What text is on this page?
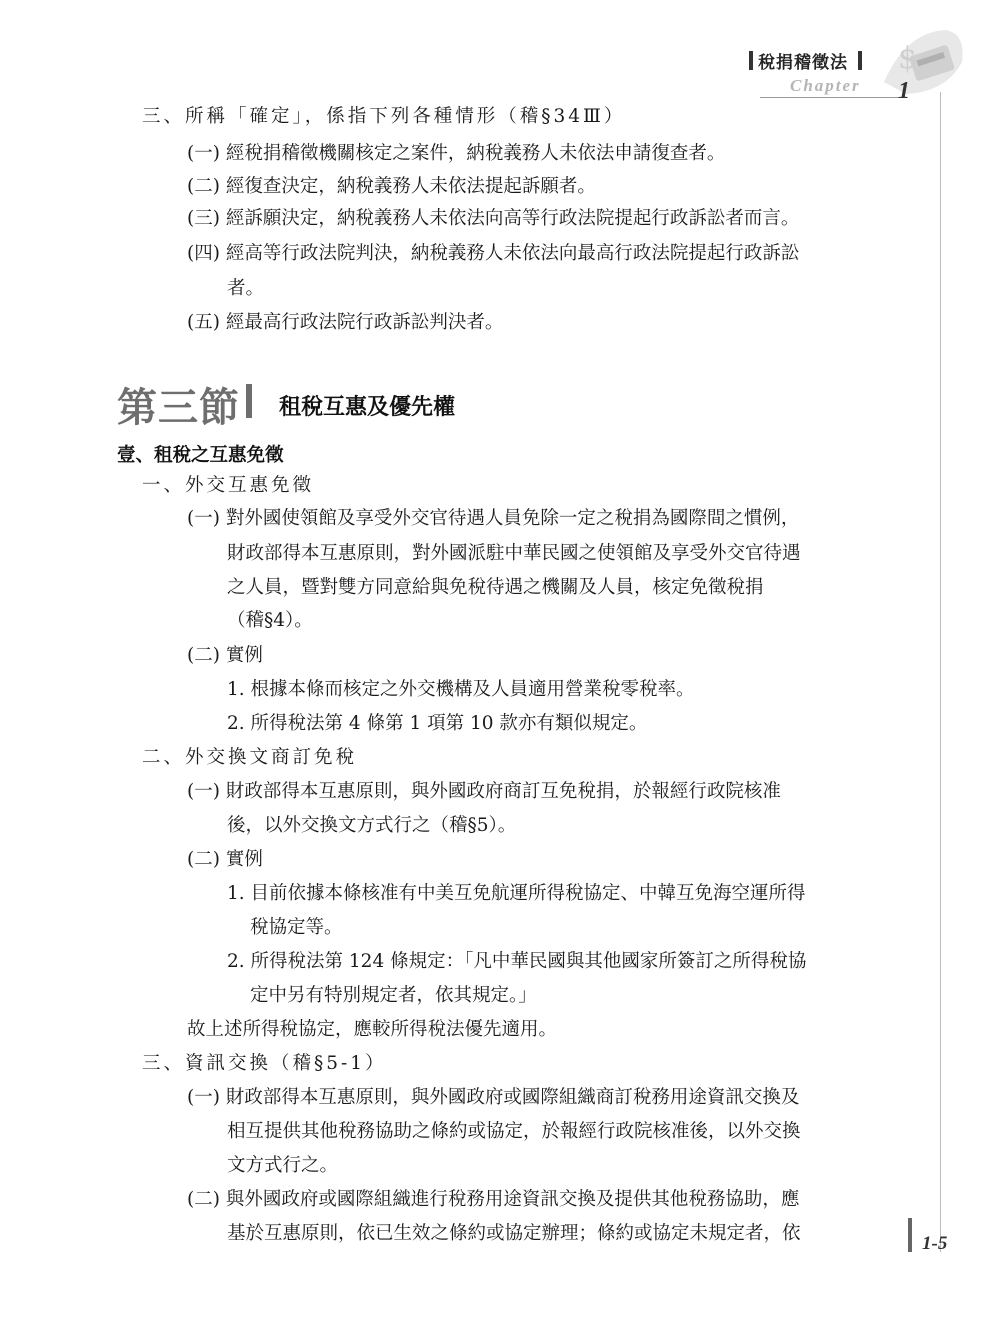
稅捐稽徵法
Chapter
$
1
三、所稱「確定」，係指下列各種情形（稽§34Ⅲ）
(一) 經稅捐稽徵機關核定之案件，納稅義務人未依法申請復查者。
(二) 經復查決定，納稅義務人未依法提起訴願者。
(三) 經訴願決定，納稅義務人未依法向高等行政法院提起行政訴訟者而言。
(四) 經高等行政法院判決，納稅義務人未依法向最高行政法院提起行政訴訟
者。
(五) 經最高行政法院行政訴訟判決者。
第三節 租稅互惠及優先權
壹、租稅之互惠免徵
一、外交互惠免徵
(一) 對外國使領館及享受外交官待遇人員免除一定之稅捐為國際間之慣例，
財政部得本互惠原則，對外國派駐中華民國之使領館及享受外交官待遇
之人員，暨對雙方同意給與免稅待遇之機關及人員，核定免徵稅捐
（稽§4）。
(二) 實例
1. 根據本條而核定之外交機構及人員適用營業稅零稅率。
2. 所得稅法第 4 條第 1 項第 10 款亦有類似規定。
二、外交換文商訂免稅
(一) 財政部得本互惠原則，與外國政府商訂互免稅捐，於報經行政院核准
後，以外交換文方式行之（稽§5）。
(二) 實例
1. 目前依據本條核准有中美互免航運所得稅協定、中韓互免海空運所得
稅協定等。
2. 所得稅法第 124 條規定：「凡中華民國與其他國家所簽訂之所得稅協
定中另有特別規定者，依其規定。」
故上述所得稅協定，應較所得稅法優先適用。
三、資訊交換（稽§5-1）
(一) 財政部得本互惠原則，與外國政府或國際組織商訂稅務用途資訊交換及
相互提供其他稅務協助之條約或協定，於報經行政院核准後，以外交換
文方式行之。
(二) 與外國政府或國際組織進行稅務用途資訊交換及提供其他稅務協助，應
基於互惠原則，依已生效之條約或協定辦理；條約或協定未規定者，依	1-5
